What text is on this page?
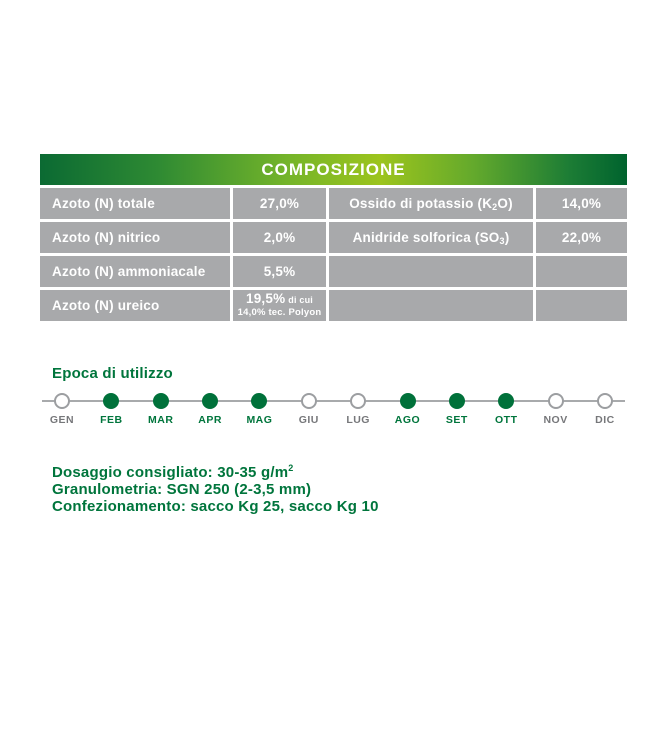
COMPOSIZIONE
Azoto (N) totale	27,0%	Ossido di potassio (K 2 O)	14,0%
Azoto (N) nitrico	2,0%	Anidride solforica (SO 3 )	22,0%
Azoto (N) ammoniacale	5,5%
Azoto (N) ureico	19,5% di cui
14,0% tec. Polyon
Epoca di utilizzo
GEN FEB MAR APR MAG	GIU	LUG AGO SET	OTT NOV	DIC
Dosaggio consigliato: 30-35 $g/m^2$
Granulometria: SGN 250 (2-3,5 mm)
Confezionamento: sacco Kg 25, sacco Kg 10
